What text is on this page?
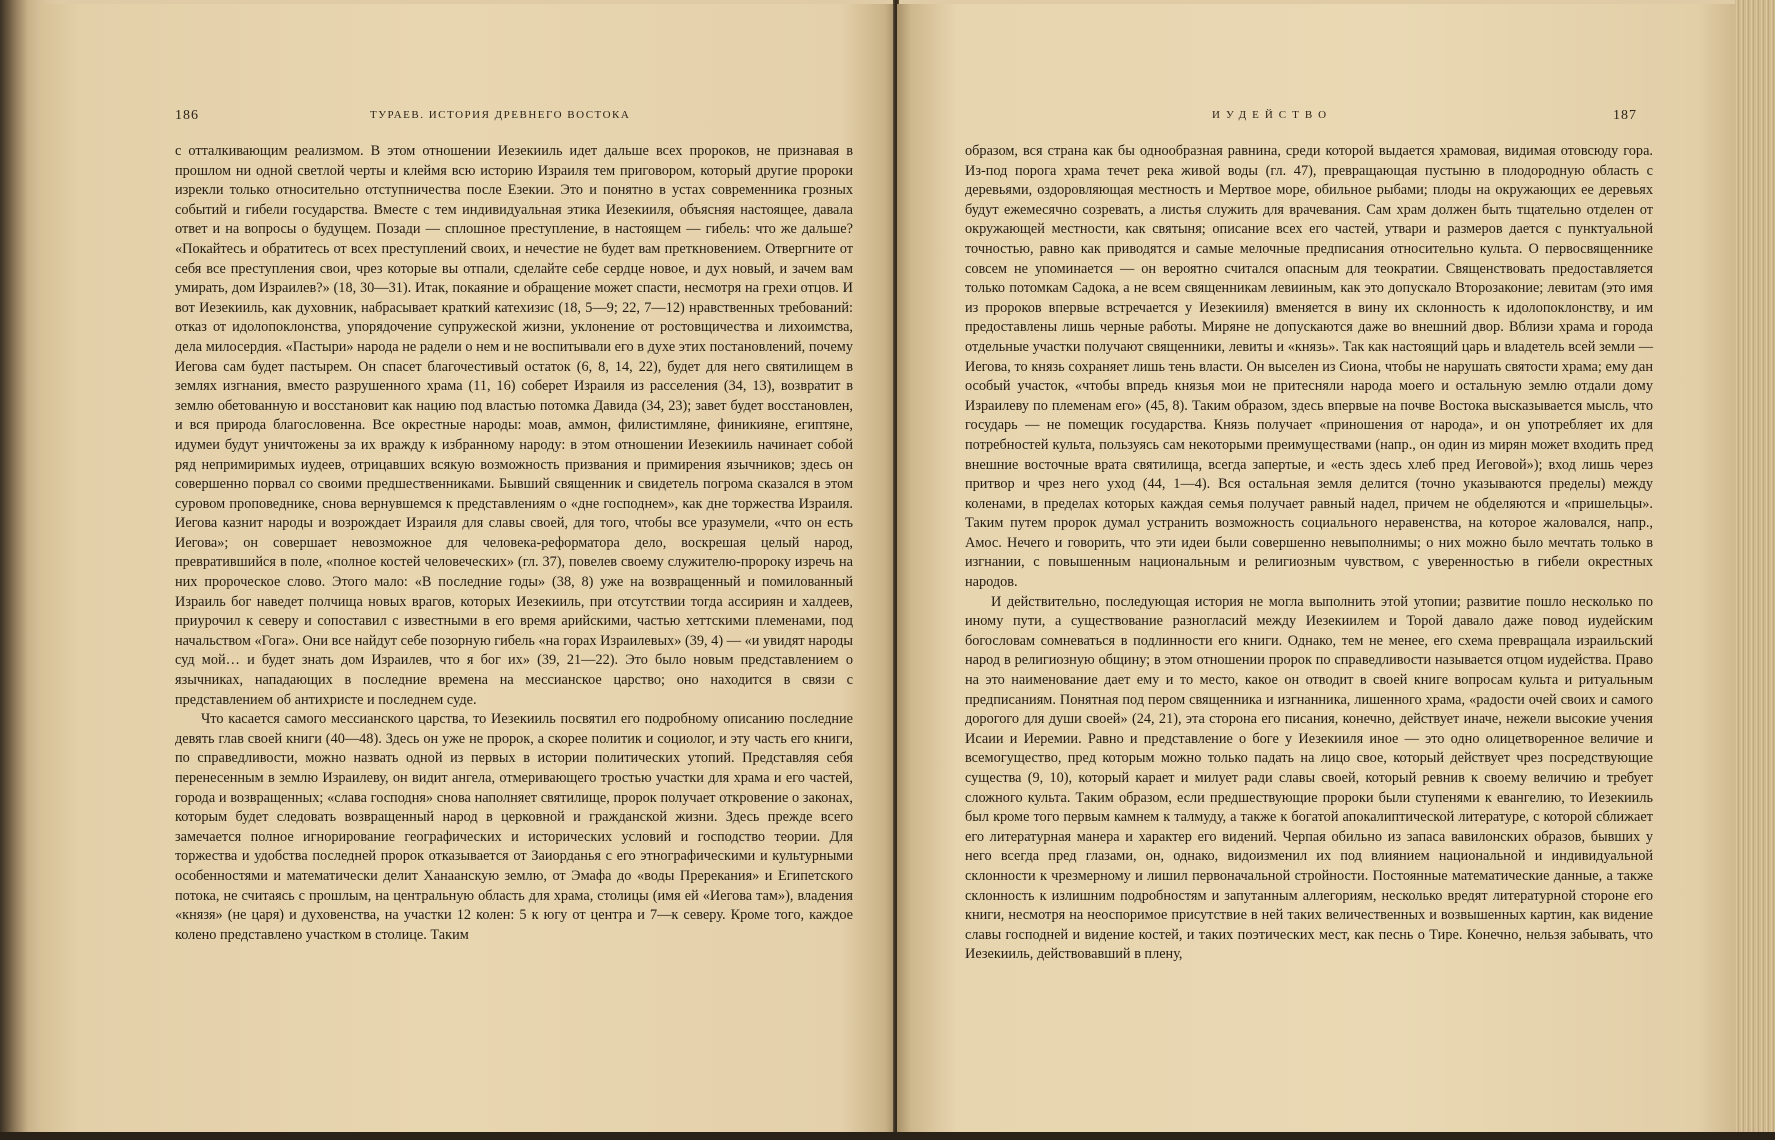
186	ТУРАЕВ. ИСТОРИЯ ДРЕВНЕГО ВОСТОКА

с отталкивающим реализмом. В этом отношении Иезекииль идет дальше всех пророков, не признавая в прошлом ни одной светлой черты и клеймя всю историю Израиля тем приговором, который другие пророки изрекли только относительно отступничества после Езекии. Это и понятно в устах современника грозных событий и гибели государства. Вместе с тем индивидуальная этика Иезекииля, объясняя настоящее, давала ответ и на вопросы о будущем. Позади — сплошное преступление, в настоящем — гибель: что же дальше? «Покайтесь и обратитесь от всех преступлений своих, и нечестие не будет вам преткновением. Отвергните от себя все преступления свои, чрез которые вы отпали, сделайте себе сердце новое, и дух новый, и зачем вам умирать, дом Израилев?» (18, 30—31). Итак, покаяние и обращение может спасти, несмотря на грехи отцов. И вот Иезекииль, как духовник, набрасывает краткий катехизис (18, 5—9; 22, 7—12) нравственных требований: отказ от идолопоклонства, упорядочение супружеской жизни, уклонение от ростовщичества и лихоимства, дела милосердия. «Пастыри» народа не радели о нем и не воспитывали его в духе этих постановлений, почему Иегова сам будет пастырем. Он спасет благочестивый остаток (6, 8, 14, 22), будет для него святилищем в землях изгнания, вместо разрушенного храма (11, 16) соберет Израиля из расселения (34, 13), возвратит в землю обетованную и восстановит как нацию под властью потомка Давида (34, 23); завет будет восстановлен, и вся природа благословенна. Все окрестные народы: моав, аммон, филистимляне, финикияне, египтяне, идумеи будут уничтожены за их вражду к избранному народу: в этом отношении Иезекииль начинает собой ряд непримиримых иудеев, отрицавших всякую возможность призвания и примирения язычников; здесь он совершенно порвал со своими предшественниками. Бывший священник и свидетель погрома сказался в этом суровом проповеднике, снова вернувшемся к представлениям о «дне господнем», как дне торжества Израиля. Иегова казнит народы и возрождает Израиля для славы своей, для того, чтобы все уразумели, «что он есть Иегова»; он совершает невозможное для человека-реформатора дело, воскрешая целый народ, превратившийся в поле, «полное костей человеческих» (гл. 37), повелев своему служителю-пророку изречь на них пророческое слово. Этого мало: «В последние годы» (38, 8) уже на возвращенный и помилованный Израиль бог наведет полчища новых врагов, которых Иезекииль, при отсутствии тогда ассириян и халдеев, приурочил к северу и сопоставил с известными в его время арийскими, частью хеттскими племенами, под начальством «Гога». Они все найдут себе позорную гибель «на горах Израилевых» (39, 4) — «и увидят народы суд мой… и будет знать дом Израилев, что я бог их» (39, 21—22). Это было новым представлением о язычниках, нападающих в последние времена на мессианское царство; оно находится в связи с представлением об антихристе и последнем суде.

Что касается самого мессианского царства, то Иезекииль посвятил его подробному описанию последние девять глав своей книги (40—48). Здесь он уже не пророк, а скорее политик и социолог, и эту часть его книги, по справедливости, можно назвать одной из первых в истории политических утопий. Представляя себя перенесенным в землю Израилеву, он видит ангела, отмеривающего тростью участки для храма и его частей, города и возвращенных; «слава господня» снова наполняет святилище, пророк получает откровение о законах, которым будет следовать возвращенный народ в церковной и гражданской жизни. Здесь прежде всего замечается полное игнорирование географических и исторических условий и господство теории. Для торжества и удобства последней пророк отказывается от Заиорданья с его этнографическими и культурными особенностями и математически делит Ханаанскую землю, от Эмафа до «воды Пререкания» и Египетского потока, не считаясь с прошлым, на центральную область для храма, столицы (имя ей «Иегова там»), владения «князя» (не царя) и духовенства, на участки 12 колен: 5 к югу от центра и 7—к северу. Кроме того, каждое колено представлено участком в столице. Таким

ИУДЕЙСТВО	187

образом, вся страна как бы однообразная равнина, среди которой выдается храмовая, видимая отовсюду гора. Из-под порога храма течет река живой воды (гл. 47), превращающая пустыню в плодородную область с деревьями, оздоровляющая местность и Мертвое море, обильное рыбами; плоды на окружающих ее деревьях будут ежемесячно созревать, а листья служить для врачевания. Сам храм должен быть тщательно отделен от окружающей местности, как святыня; описание всех его частей, утвари и размеров дается с пунктуальной точностью, равно как приводятся и самые мелочные предписания относительно культа. О первосвященнике совсем не упоминается — он вероятно считался опасным для теократии. Священствовать предоставляется только потомкам Садока, а не всем священникам левииным, как это допускало Второзаконие; левитам (это имя из пророков впервые встречается у Иезекииля) вменяется в вину их склонность к идолопоклонству, и им предоставлены лишь черные работы. Миряне не допускаются даже во внешний двор. Вблизи храма и города отдельные участки получают священники, левиты и «князь». Так как настоящий царь и владетель всей земли — Иегова, то князь сохраняет лишь тень власти. Он выселен из Сиона, чтобы не нарушать святости храма; ему дан особый участок, «чтобы впредь князья мои не притесняли народа моего и остальную землю отдали дому Израилеву по племенам его» (45, 8). Таким образом, здесь впервые на почве Востока высказывается мысль, что государь — не помещик государства. Князь получает «приношения от народа», и он употребляет их для потребностей культа, пользуясь сам некоторыми преимуществами (напр., он один из мирян может входить пред внешние восточные врата святилища, всегда запертые, и «есть здесь хлеб пред Иеговой»); вход лишь через притвор и чрез него уход (44, 1—4). Вся остальная земля делится (точно указываются пределы) между коленами, в пределах которых каждая семья получает равный надел, причем не обделяются и «пришельцы». Таким путем пророк думал устранить возможность социального неравенства, на которое жаловался, напр., Амос. Нечего и говорить, что эти идеи были совершенно невыполнимы; о них можно было мечтать только в изгнании, с повышенным национальным и религиозным чувством, с уверенностью в гибели окрестных народов.

И действительно, последующая история не могла выполнить этой утопии; развитие пошло несколько по иному пути, а существование разногласий между Иезекиилем и Торой давало даже повод иудейским богословам сомневаться в подлинности его книги. Однако, тем не менее, его схема превращала израильский народ в религиозную общину; в этом отношении пророк по справедливости называется отцом иудейства. Право на это наименование дает ему и то место, какое он отводит в своей книге вопросам культа и ритуальным предписаниям. Понятная под пером священника и изгнанника, лишенного храма, «радости очей своих и самого дорогого для души своей» (24, 21), эта сторона его писания, конечно, действует иначе, нежели высокие учения Исаии и Иеремии. Равно и представление о боге у Иезекииля иное — это одно олицетворенное величие и всемогущество, пред которым можно только падать на лицо свое, который действует чрез посредствующие существа (9, 10), который карает и милует ради славы своей, который ревнив к своему величию и требует сложного культа. Таким образом, если предшествующие пророки были ступенями к евангелию, то Иезекииль был кроме того первым камнем к талмуду, а также к богатой апокалиптической литературе, с которой сближает его литературная манера и характер его видений. Черпая обильно из запаса вавилонских образов, бывших у него всегда пред глазами, он, однако, видоизменил их под влиянием национальной и индивидуальной склонности к чрезмерному и лишил первоначальной стройности. Постоянные математические данные, а также склонность к излишним подробностям и запутанным аллегориям, несколько вредят литературной стороне его книги, несмотря на неоспоримое присутствие в ней таких величественных и возвышенных картин, как видение славы господней и видение костей, и таких поэтических мест, как песнь о Тире. Конечно, нельзя забывать, что Иезекииль, действовавший в плену,
